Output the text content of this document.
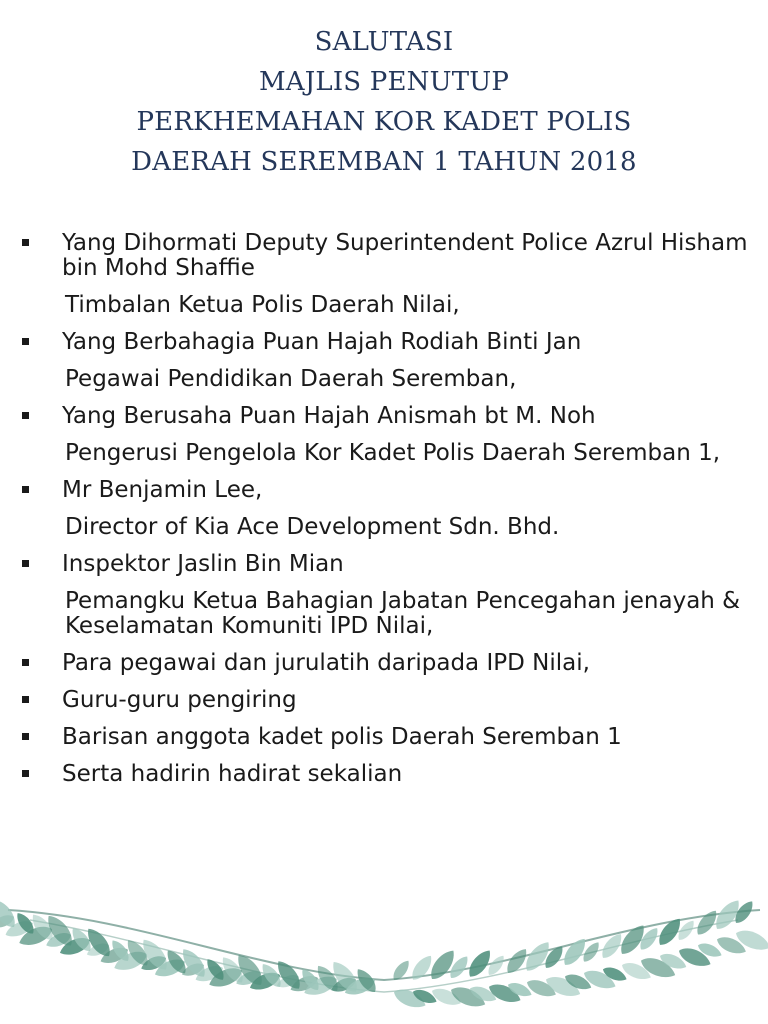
SALUTASI
MAJLIS PENUTUP
PERKHEMAHAN KOR KADET POLIS
DAERAH SEREMBAN 1 TAHUN 2018
Yang Dihormati Deputy Superintendent Police Azrul Hisham bin Mohd Shaffie
Timbalan Ketua Polis Daerah Nilai,
Yang Berbahagia Puan Hajah Rodiah Binti Jan
Pegawai Pendidikan Daerah Seremban,
Yang Berusaha Puan Hajah Anismah bt M. Noh
Pengerusi Pengelola Kor Kadet Polis Daerah Seremban 1,
Mr Benjamin Lee,
Director of Kia Ace Development Sdn. Bhd.
Inspektor Jaslin Bin Mian
Pemangku Ketua Bahagian Jabatan Pencegahan jenayah & Keselamatan Komuniti IPD Nilai,
Para pegawai dan jurulatih daripada IPD Nilai,
Guru-guru pengiring
Barisan anggota kadet polis Daerah Seremban 1
Serta hadirin hadirat sekalian
